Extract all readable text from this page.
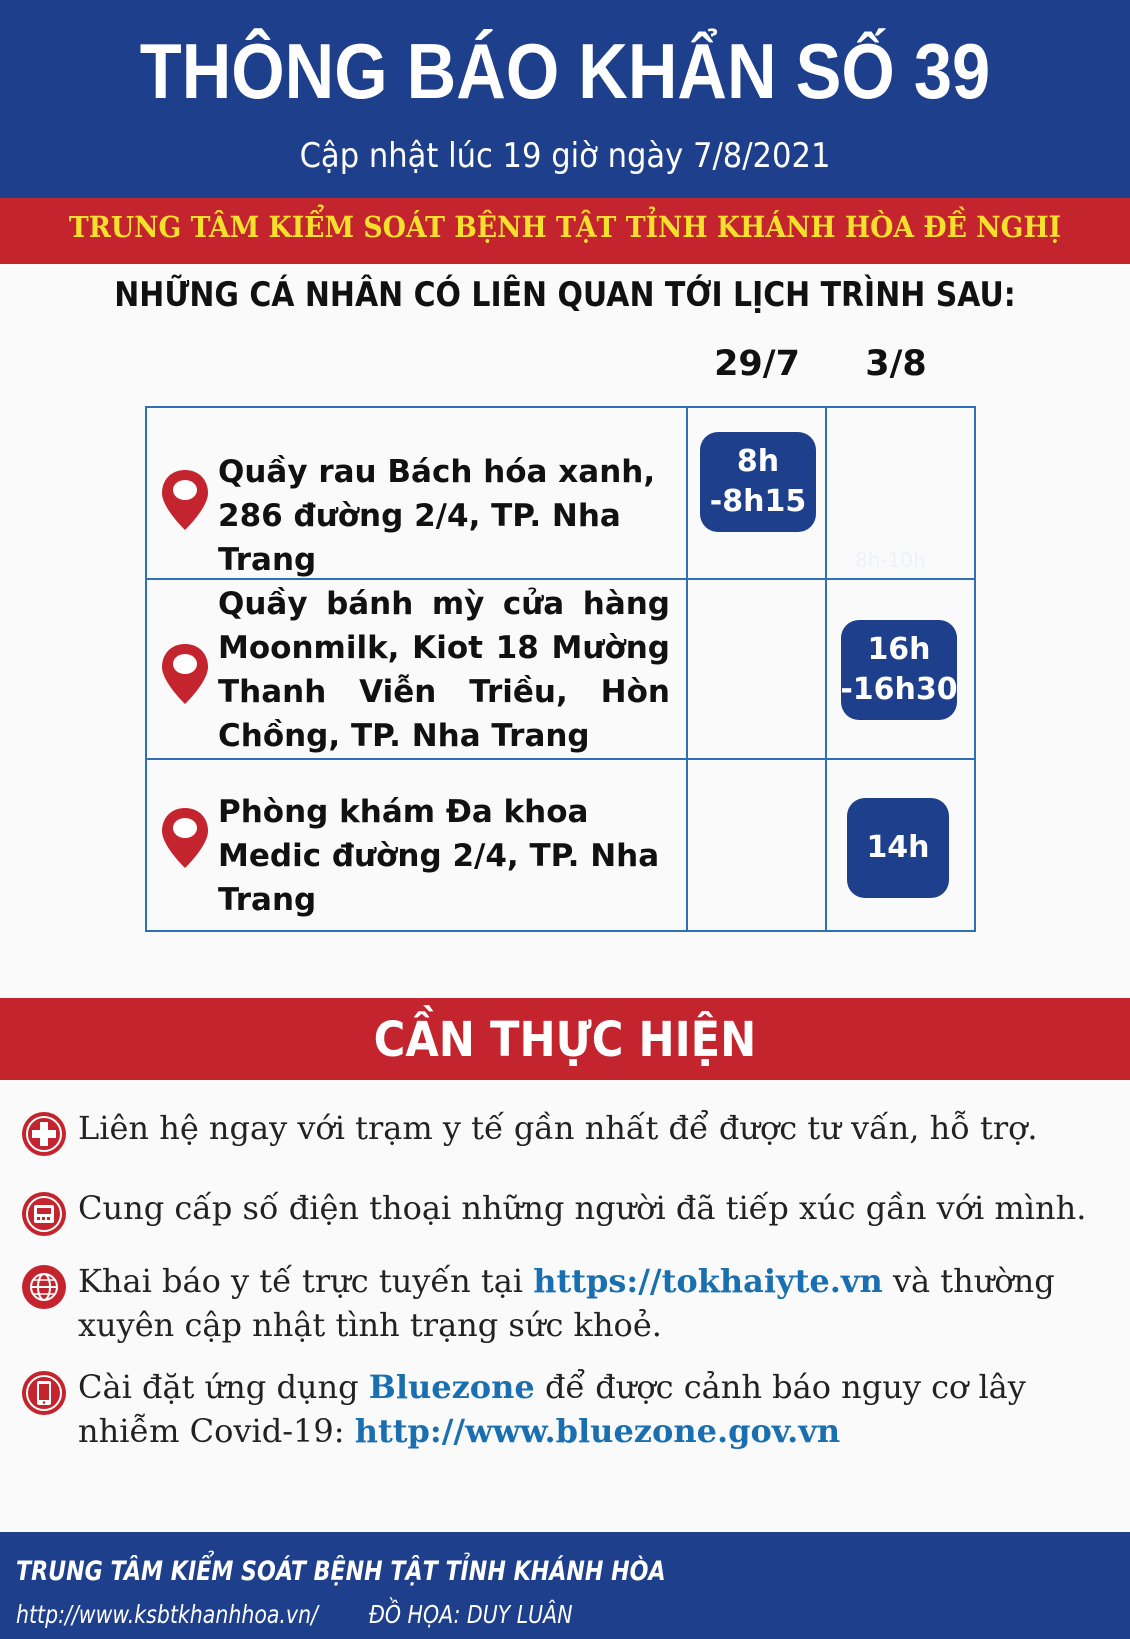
THÔNG BÁO KHẨN SỐ 39
Cập nhật lúc 19 giờ ngày 7/8/2021
TRUNG TÂM KIỂM SOÁT BỆNH TẬT TỈNH KHÁNH HÒA ĐỀ NGHỊ
NHỮNG CÁ NHÂN CÓ LIÊN QUAN TỚI LỊCH TRÌNH SAU:
29/7	3/8
Quầy rau Bách hóa xanh, 286 đường 2/4, TP. Nha Trang
8h
-8h15
8h-10h
Quầy bánh mỳ cửa hàng Moonmilk, Kiot 18 Mường Thanh Viễn Triều, Hòn Chồng, TP. Nha Trang
16h
-16h30
Phòng khám Đa khoa Medic đường 2/4, TP. Nha Trang
14h
CẦN THỰC HIỆN
Liên hệ ngay với trạm y tế gần nhất để được tư vấn, hỗ trợ.
Cung cấp số điện thoại những người đã tiếp xúc gần với mình.
Khai báo y tế trực tuyến tại https://tokhaiyte.vn và thường xuyên cập nhật tình trạng sức khoẻ.
Cài đặt ứng dụng Bluezone để được cảnh báo nguy cơ lây nhiễm Covid-19: http://www.bluezone.gov.vn
TRUNG TÂM KIỂM SOÁT BỆNH TẬT TỈNH KHÁNH HÒA
http://www.ksbtkhanhhoa.vn/ ĐỒ HỌA: DUY LUÂN
